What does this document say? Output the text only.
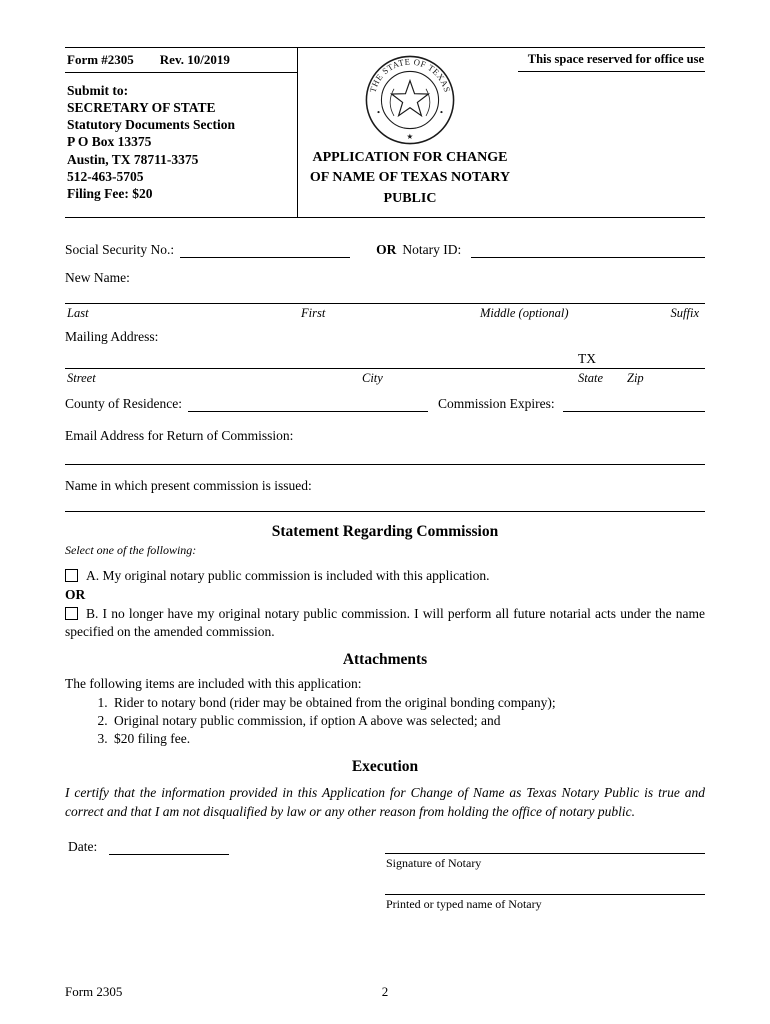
Form #2305 Rev. 10/2019
Submit to:
SECRETARY OF STATE
Statutory Documents Section
P O Box 13375
Austin, TX 78711-3375
512-463-5705
Filing Fee: $20
This space reserved for office use
THE STATE OF TEXAS
★
APPLICATION FOR CHANGE
OF NAME OF TEXAS NOTARY
PUBLIC
Social Security No.:	OR Notary ID:
New Name:
Last	First	Middle (optional)	Suffix
Mailing Address:
TX
Street	City	State Zip
County of Residence:	Commission Expires:
Email Address for Return of Commission:
Name in which present commission is issued:
Statement Regarding Commission
Select one of the following:
A. My original notary public commission is included with this application.
OR
B. I no longer have my original notary public commission. I will perform all future notarial acts under the name specified on the amended commission.
Attachments
The following items are included with this application:
1. Rider to notary bond (rider may be obtained from the original bonding company);
2. Original notary public commission, if option A above was selected; and
3. $20 filing fee.
Execution
I certify that the information provided in this Application for Change of Name as Texas Notary Public is true and correct and that I am not disqualified by law or any other reason from holding the office of notary public.
Date:
Signature of Notary
Printed or typed name of Notary
Form 2305	2
